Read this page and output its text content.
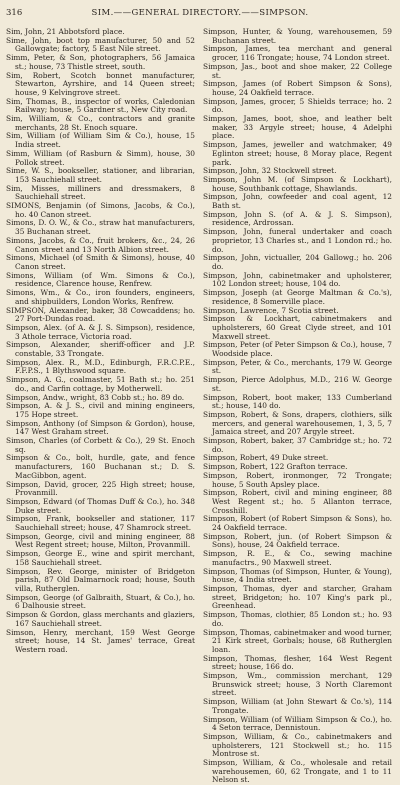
316	SIM.——GENERAL DIRECTORY.——SIMPSON.
Sim, John, 21 Abbotsford place.
Sime, John, boot top manufacturer, 50 and 52 Gallowgate; factory, 5 East Nile street.
Simm, Peter, & Son, photographers, 56 Jamaica st.; house, 73 Thistle street, south.
Sim, Robert, Scotch bonnet manufacturer, Stewarton, Ayrshire, and 14 Queen street; house, 9 Kelvingrove street.
Sim, Thomas, B., inspector of works, Caledonian Railway; house, 5 Gardner st., New City road.
Sim, William, & Co., contractors and granite merchants, 28 St. Enoch square.
Sim, William (of William Sim & Co.), house, 15 India street.
Simm, William (of Rasburn & Simm), house, 30 Pollok street.
Sime, W. S., bookseller, stationer, and librarian, 153 Sauchiehall street.
Sim, Misses, milliners and dressmakers, 8 Sauchiehall street.
SIMONS, Benjamin (of Simons, Jacobs, & Co.), ho. 40 Canon street.
Simons, D. O. W., & Co., straw hat manufacturers, 35 Buchanan street.
Simons, Jacobs, & Co., fruit brokers, &c., 24, 26 Canon street and 13 North Albion street.
Simons, Michael (of Smith & Simons), house, 40 Canon street.
Simons, William (of Wm. Simons & Co.), residence, Clarence house, Renfrew.
Simons, Wm., & Co., iron founders, engineers, and shipbuilders, London Works, Renfrew.
SIMPSON, Alexander, baker, 38 Cowcaddens; ho. 27 Port-Dundas road.
Simpson, Alex. (of A. & J. S. Simpson), residence, 3 Athole terrace, Victoria road.
Simpson, Alexander, sheriff-officer and J.P. constable, 33 Trongate.
Simpson, Alex. R., M.D., Edinburgh, F.R.C.P.E., F.F.P.S., 1 Blythswood square.
Simpson, A. G., coalmaster, 51 Bath st.; ho. 251 do., and Carfin cottage, by Motherwell.
Simpson, Andw., wright, 83 Cobb st.; ho. 89 do.
Simpson, A. & J. S., civil and mining engineers, 175 Hope street.
Simpson, Anthony (of Simpson & Gordon), house, 147 West Graham street.
Simson, Charles (of Corbett & Co.), 29 St. Enoch sq.
Simpson & Co., bolt, hurdle, gate, and fence manufacturers, 160 Buchanan st.; D. S. MacGibbon, agent.
Simpson, David, grocer, 225 High street; house, Provanmill.
Simpson, Edward (of Thomas Duff & Co.), ho. 348 Duke street.
Simpson, Frank, bookseller and stationer, 117 Sauchiehall street; house, 47 Shamrock street.
Simpson, George, civil and mining engineer, 88 West Regent street; house, Milton, Provanmill.
Simpson, George E., wine and spirit merchant, 158 Sauchiehall street.
Simpson, Rev. George, minister of Bridgeton parish, 87 Old Dalmarnock road; house, South villa, Rutherglen.
Simpson, George (of Galbraith, Stuart, & Co.), ho. 6 Dalhousie street.
Simpson & Gordon, glass merchants and glaziers, 167 Sauchiehall street.
Simson, Henry, merchant, 159 West George street; house, 14 St. James' terrace, Great Western road.
Simpson, Hunter, & Young, warehousemen, 59 Buchanan street.
Simpson, James, tea merchant and general grocer, 116 Trongate; house, 74 London street.
Simpson, Jas., boot and shoe maker, 22 College st.
Simpson, James (of Robert Simpson & Sons), house, 24 Oakfield terrace.
Simpson, James, grocer, 5 Shields terrace; ho. 2 do.
Simpson, James, boot, shoe, and leather belt maker, 33 Argyle street; house, 4 Adelphi place.
Simpson, James, jeweller and watchmaker, 49 Eglinton street; house, 8 Moray place, Regent park.
Simpson, John, 32 Stockwell street.
Simpson, John M. (of Simpson & Lockhart), house, Southbank cottage, Shawlands.
Simpson, John, cowfeeder and coal agent, 12 Bath st.
Simpson, John S. (of A. & J. S. Simpson), residence, Ardrossan.
Simpson, John, funeral undertaker and coach proprietor, 13 Charles st., and 1 London rd.; ho. do.
Simpson, John, victualler, 204 Gallowg.; ho. 206 do.
Simpson, John, cabinetmaker and upholsterer, 102 London street; house, 104 do.
Simpson, Joseph (at George Maltman & Co.'s), residence, 8 Somerville place.
Simpson, Lawrence, 7 Scotia street.
Simpson & Lockhart, cabinetmakers and upholsterers, 60 Great Clyde street, and 101 Maxwell street.
Simpson, Peter (of Peter Simpson & Co.), house, 7 Woodside place.
Simpson, Peter, & Co., merchants, 179 W. George st.
Simpson, Pierce Adolphus, M.D., 216 W. George st.
Simpson, Robert, boot maker, 133 Cumberland st.; house, 140 do.
Simpson, Robert, & Sons, drapers, clothiers, silk mercers, and general warehousemen, 1, 3, 5, 7 Jamaica street, and 207 Argyle street.
Simpson, Robert, baker, 37 Cambridge st.; ho. 72 do.
Simpson, Robert, 49 Duke street.
Simpson, Robert, 122 Grafton terrace.
Simpson, Robert, ironmonger, 72 Trongate; house, 5 South Apsley place.
Simpson, Robert, civil and mining engineer, 88 West Regent st.; ho. 5 Allanton terrace, Crosshill.
Simpson, Robert (of Robert Simpson & Sons), ho. 24 Oakfield terrace.
Simpson, Robert, jun. (of Robert Simpson & Sons), house, 24 Oakfield terrace.
Simpson, R. E., & Co., sewing machine manufactrs., 90 Maxwell street.
Simpson, Thomas (of Simpson, Hunter, & Young), house, 4 India street.
Simpson, Thomas, dyer and starcher, Graham street, Bridgeton; ho. 107 King's park pl., Greenhead.
Simpson, Thomas, clothier, 85 London st.; ho. 93 do.
Simpson, Thomas, cabinetmaker and wood turner, 21 Kirk street, Gorbals; house, 68 Rutherglen loan.
Simpson, Thomas, flesher, 164 West Regent street; house, 166 do.
Simpson, Wm., commission merchant, 129 Brunswick street; house, 3 North Claremont street.
Simpson, William (at John Stewart & Co.'s), 114 Trongate.
Simpson, William (of William Simpson & Co.), ho. 4 Seton terrace, Dennistoun.
Simpson, William, & Co., cabinetmakers and upholsterers, 121 Stockwell st.; ho. 115 Montrose st.
Simpson, William, & Co., wholesale and retail warehousemen, 60, 62 Trongate, and 1 to 11 Nelson st.
